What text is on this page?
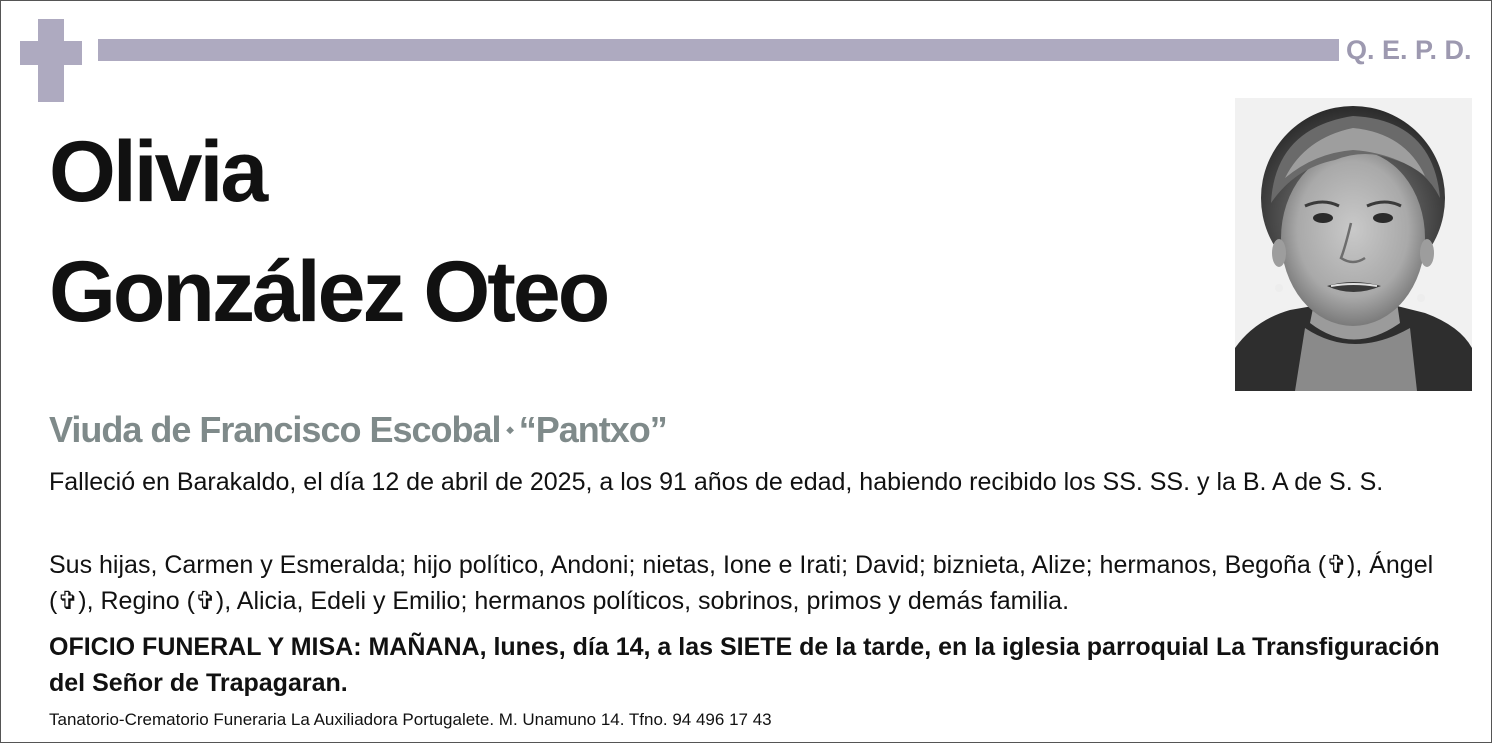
Q. E. P. D.
Olivia
González Oteo
Viuda de Francisco Escobal ⬩ “Pantxo”
Falleció en Barakaldo, el día 12 de abril de 2025, a los 91 años de edad, habiendo recibido los SS. SS. y la B. A de S. S.
Sus hijas, Carmen y Esmeralda; hijo político, Andoni; nietas, Ione e Irati; David; biznieta, Alize; hermanos, Begoña (✞), Ángel (✞), Regino (✞), Alicia, Edeli y Emilio; hermanos políticos, sobrinos, primos y demás familia.
OFICIO FUNERAL Y MISA: MAÑANA, lunes, día 14, a las SIETE de la tarde, en la iglesia parroquial La Transfiguración del Señor de Trapagaran.
Tanatorio-Crematorio Funeraria La Auxiliadora Portugalete. M. Unamuno 14. Tfno. 94 496 17 43
